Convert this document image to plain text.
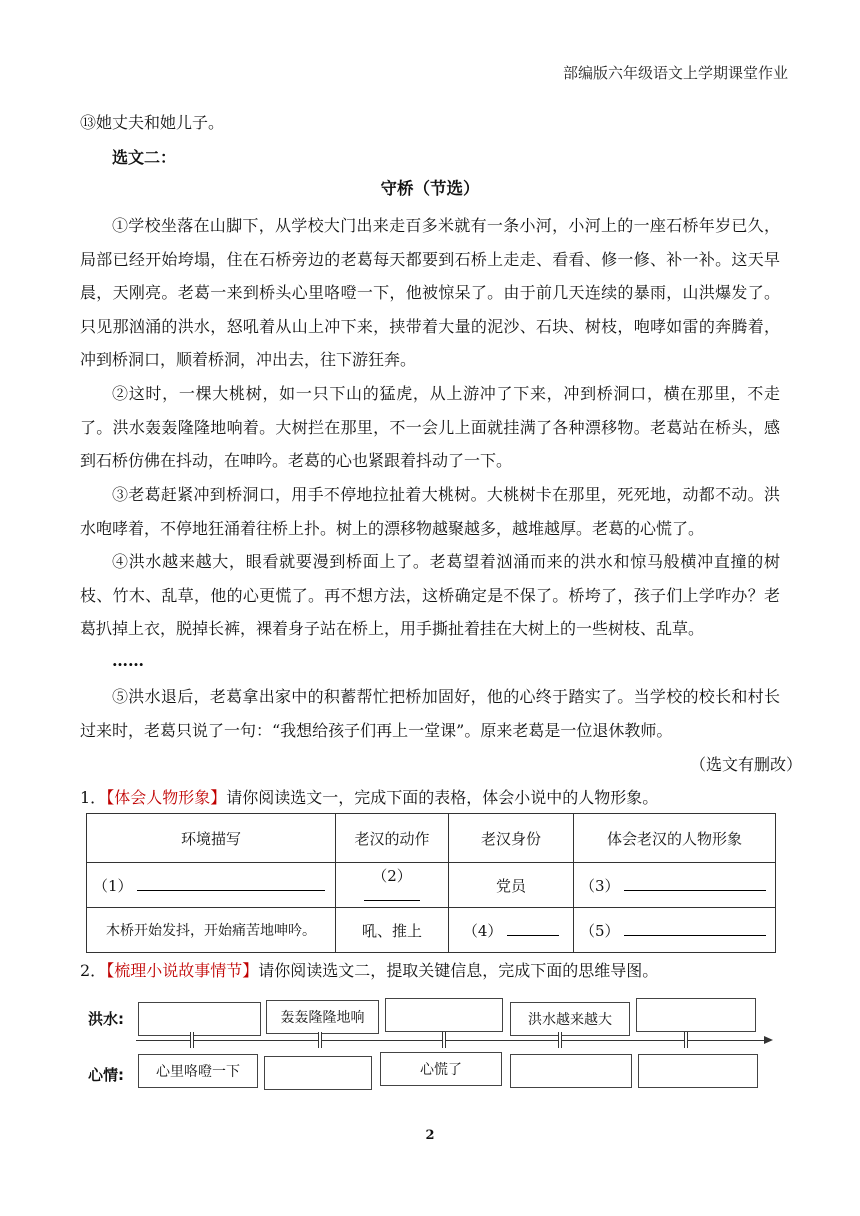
部编版六年级语文上学期课堂作业
⑬她丈夫和她儿子。
选文二：
守桥（节选）
①学校坐落在山脚下，从学校大门出来走百多米就有一条小河，小河上的一座石桥年岁已久，局部已经开始垮塌，住在石桥旁边的老葛每天都要到石桥上走走、看看、修一修、补一补。这天早晨，天刚亮。老葛一来到桥头心里咯噔一下，他被惊呆了。由于前几天连续的暴雨，山洪爆发了。只见那汹涌的洪水，怒吼着从山上冲下来，挟带着大量的泥沙、石块、树枝，咆哮如雷的奔腾着，冲到桥洞口，顺着桥洞，冲出去，往下游狂奔。
②这时，一棵大桃树，如一只下山的猛虎，从上游冲了下来，冲到桥洞口，横在那里，不走了。洪水轰轰隆隆地响着。大树拦在那里，不一会儿上面就挂满了各种漂移物。老葛站在桥头，感到石桥仿佛在抖动，在呻吟。老葛的心也紧跟着抖动了一下。
③老葛赶紧冲到桥洞口，用手不停地拉扯着大桃树。大桃树卡在那里，死死地，动都不动。洪水咆哮着，不停地狂涌着往桥上扑。树上的漂移物越聚越多，越堆越厚。老葛的心慌了。
④洪水越来越大，眼看就要漫到桥面上了。老葛望着汹涌而来的洪水和惊马般横冲直撞的树枝、竹木、乱草，他的心更慌了。再不想方法，这桥确定是不保了。桥垮了，孩子们上学咋办？老葛扒掉上衣，脱掉长裤，裸着身子站在桥上，用手撕扯着挂在大树上的一些树枝、乱草。
……
⑤洪水退后，老葛拿出家中的积蓄帮忙把桥加固好，他的心终于踏实了。当学校的校长和村长过来时，老葛只说了一句：“我想给孩子们再上一堂课”。原来老葛是一位退休教师。
（选文有删改）
1．【体会人物形象】请你阅读选文一，完成下面的表格，体会小说中的人物形象。
环境描写	老汉的动作	老汉身份	体会老汉的人物形象
（1）	（2）	党员	（3）
木桥开始发抖，开始痛苦地呻吟。	吼、推上	（4）	（5）
2．【梳理小说故事情节】请你阅读选文二，提取关键信息，完成下面的思维导图。
洪水:
心情:
轰轰隆隆地响	洪水越来越大
心里咯噔一下	心慌了
2
